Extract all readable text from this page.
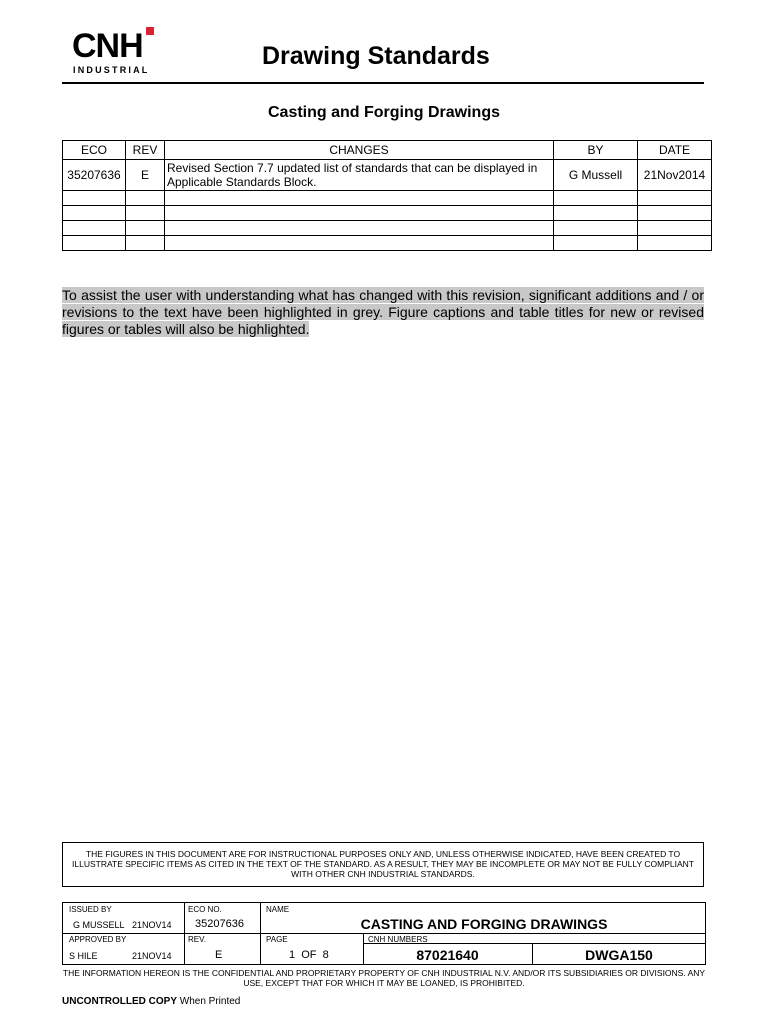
CNH
INDUSTRIAL	Drawing Standards
Casting and Forging Drawings
ECO	REV	CHANGES	BY	DATE
35207636	E	Revised Section 7.7 updated list of standards that can be displayed in Applicable Standards Block.	G Mussell	21Nov2014

To assist the user with understanding what has changed with this revision, significant additions and / or revisions to the text have been highlighted in grey. Figure captions and table titles for new or revised figures or tables will also be highlighted.
THE FIGURES IN THIS DOCUMENT ARE FOR INSTRUCTIONAL PURPOSES ONLY AND, UNLESS OTHERWISE INDICATED, HAVE BEEN CREATED TO ILLUSTRATE SPECIFIC ITEMS AS CITED IN THE TEXT OF THE STANDARD. AS A RESULT, THEY MAY BE INCOMPLETE OR MAY NOT BE FULLY COMPLIANT WITH OTHER CNH INDUSTRIAL STANDARDS.
ISSUED BY
G MUSSELL 21NOV14
ECO NO.
35207636
NAME
CASTING AND FORGING DRAWINGS
APPROVED BY
S HILE	21NOV14
REV.
E
PAGE
1  OF  8
CNH NUMBERS
87021640	DWGA150
THE INFORMATION HEREON IS THE CONFIDENTIAL AND PROPRIETARY PROPERTY OF CNH INDUSTRIAL N.V. AND/OR ITS SUBSIDIARIES OR DIVISIONS. ANY USE, EXCEPT THAT FOR WHICH IT MAY BE LOANED, IS PROHIBITED.
UNCONTROLLED COPY When Printed
